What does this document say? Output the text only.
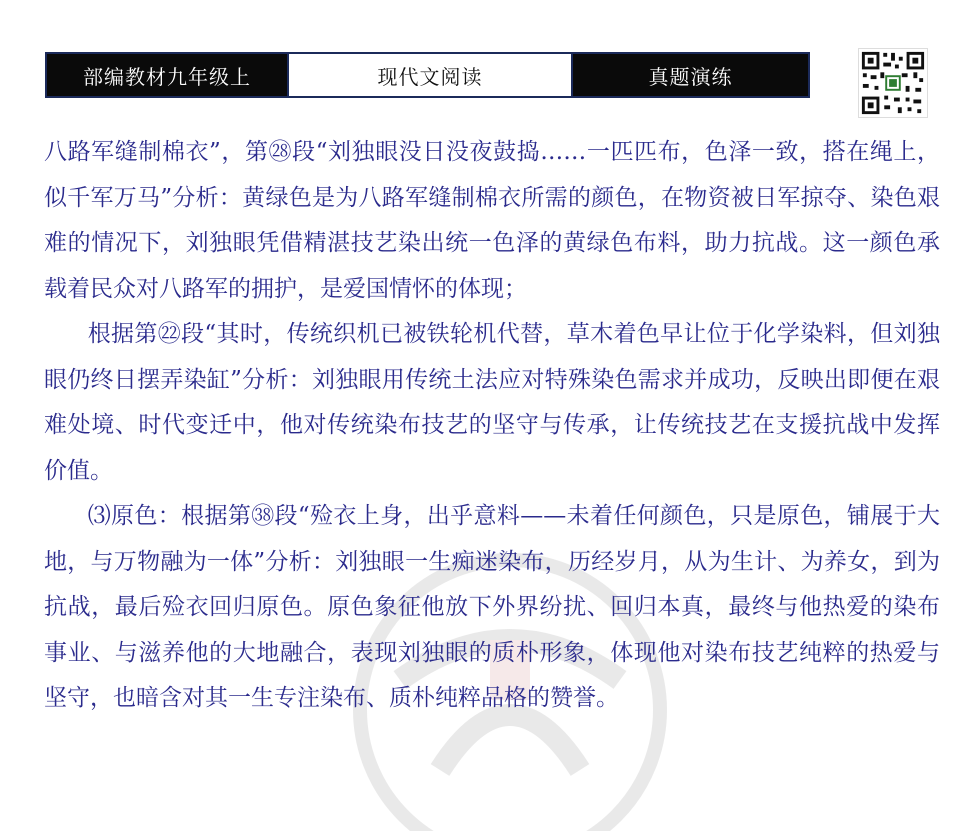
部编教材九年级上	现代文阅读	真题演练

八路军缝制棉衣”，第㉘段“刘独眼没日没夜鼓捣……一匹匹布，色泽一致，搭在绳上，似千军万马”分析：黄绿色是为八路军缝制棉衣所需的颜色，在物资被日军掠夺、染色艰难的情况下，刘独眼凭借精湛技艺染出统一色泽的黄绿色布料，助力抗战。这一颜色承载着民众对八路军的拥护，是爱国情怀的体现；

根据第㉒段“其时，传统织机已被铁轮机代替，草木着色早让位于化学染料，但刘独眼仍终日摆弄染缸”分析：刘独眼用传统土法应对特殊染色需求并成功，反映出即便在艰难处境、时代变迁中，他对传统染布技艺的坚守与传承，让传统技艺在支援抗战中发挥价值。

⑶原色：根据第㊳段“殓衣上身，出乎意料——未着任何颜色，只是原色，铺展于大地，与万物融为一体”分析：刘独眼一生痴迷染布，历经岁月，从为生计、为养女，到为抗战，最后殓衣回归原色。原色象征他放下外界纷扰、回归本真，最终与他热爱的染布事业、与滋养他的大地融合，表现刘独眼的质朴形象，体现他对染布技艺纯粹的热爱与坚守，也暗含对其一生专注染布、质朴纯粹品格的赞誉。
